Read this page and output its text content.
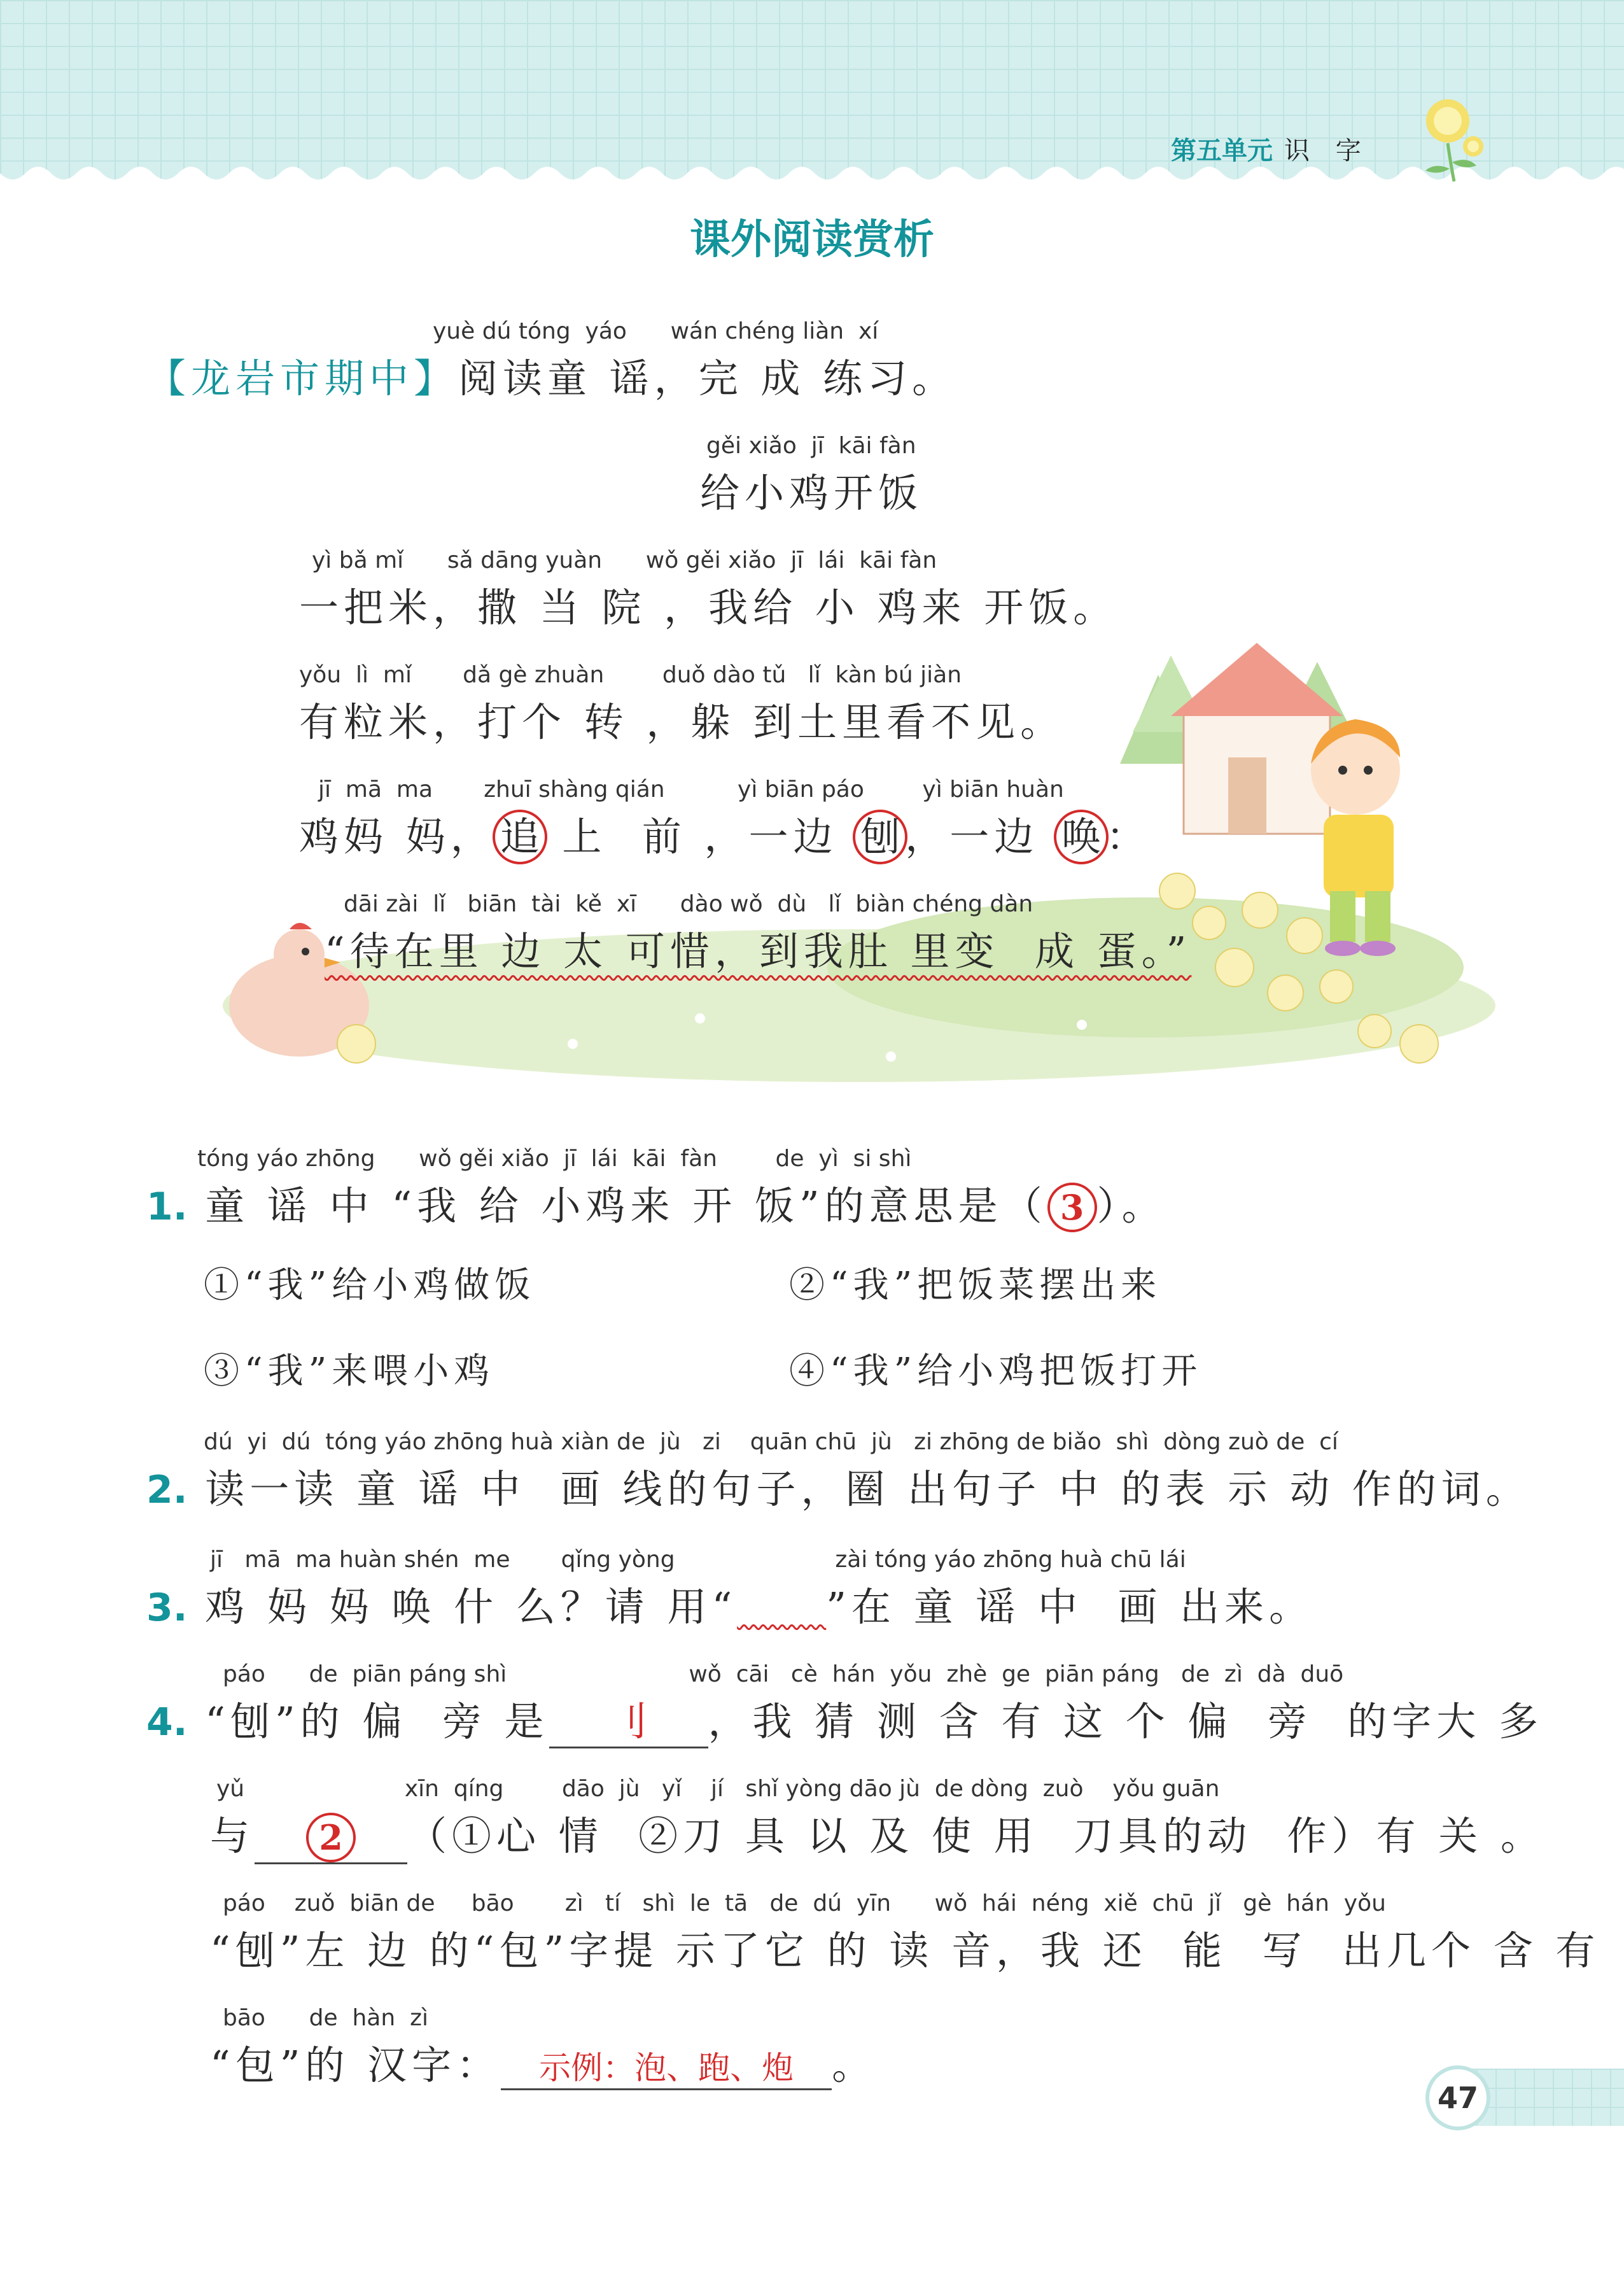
第五单元 识 字
课外阅读赏析
yuè dú tóng  yáo      wán chéng liàn  xí
【龙岩市期中】阅读童 谣，完 成 练习。
gěi xiǎo  jī  kāi fàn
给小鸡开饭
yì bǎ mǐ      sǎ dāng yuàn      wǒ gěi xiǎo  jī  lái  kāi fàn
一把米，撒 当 院 ，我给 小 鸡来 开饭。
yǒu  lì  mǐ       dǎ gè zhuàn        duǒ dào tǔ   lǐ  kàn bú jiàn
有粒米，打个 转 ，躲 到土里看不见。
jī  mā  ma       zhuī shàng qián          yì biān páo        yì biān huàn
鸡妈 妈， 追 上  前 ，一边 刨 ，一边 唤 ：
dāi zài  lǐ   biān  tài  kě  xī      dào wǒ  dù   lǐ  biàn chéng dàn
“待在里 边 太 可惜，到我肚 里变  成 蛋。”
tóng yáo zhōng      wǒ gěi xiǎo  jī  lái  kāi  fàn        de  yì  si shì
1. 童 谣 中 “我 给 小鸡来 开 饭”的意思是（ 3 ）。
①“我”给小鸡做饭	②“我”把饭菜摆出来
③“我”来喂小鸡	④“我”给小鸡把饭打开
dú  yi  dú  tóng yáo zhōng huà xiàn de  jù   zi    quān chū  jù   zi zhōng de biǎo  shì  dòng zuò de  cí
2. 读一读 童 谣 中  画 线的句子，圈 出句子 中 的表 示 动 作的词。
jī   mā  ma huàn shén  me       qǐng yòng                      zài tóng yáo zhōng huà chū lái
3. 鸡 妈 妈 唤 什 么？请 用“   ”在 童 谣 中  画 出来。
páo      de  piān páng shì                         wǒ  cāi   cè  hán  yǒu  zhè  ge  piān páng   de  zì  dà  duō
4. “刨”的 偏  旁 是 刂 ，我 猜 测 含 有 这 个 偏  旁  的字大 多
yǔ                      xīn  qíng        dāo  jù   yǐ    jí   shǐ yòng dāo jù  de dòng  zuò    yǒu guān
与 2 （①心 情  ②刀 具 以 及 使 用  刀具的动  作）有 关 。
páo    zuǒ  biān de     bāo       zì   tí   shì  le  tā   de  dú  yīn      wǒ  hái  néng  xiě  chū  jǐ   gè  hán  yǒu
“刨”左 边 的“包”字提 示了它 的 读 音，我 还  能  写  出几个 含 有
bāo      de  hàn  zì
“包”的 汉字： 示例：泡、跑、炮 。
47
